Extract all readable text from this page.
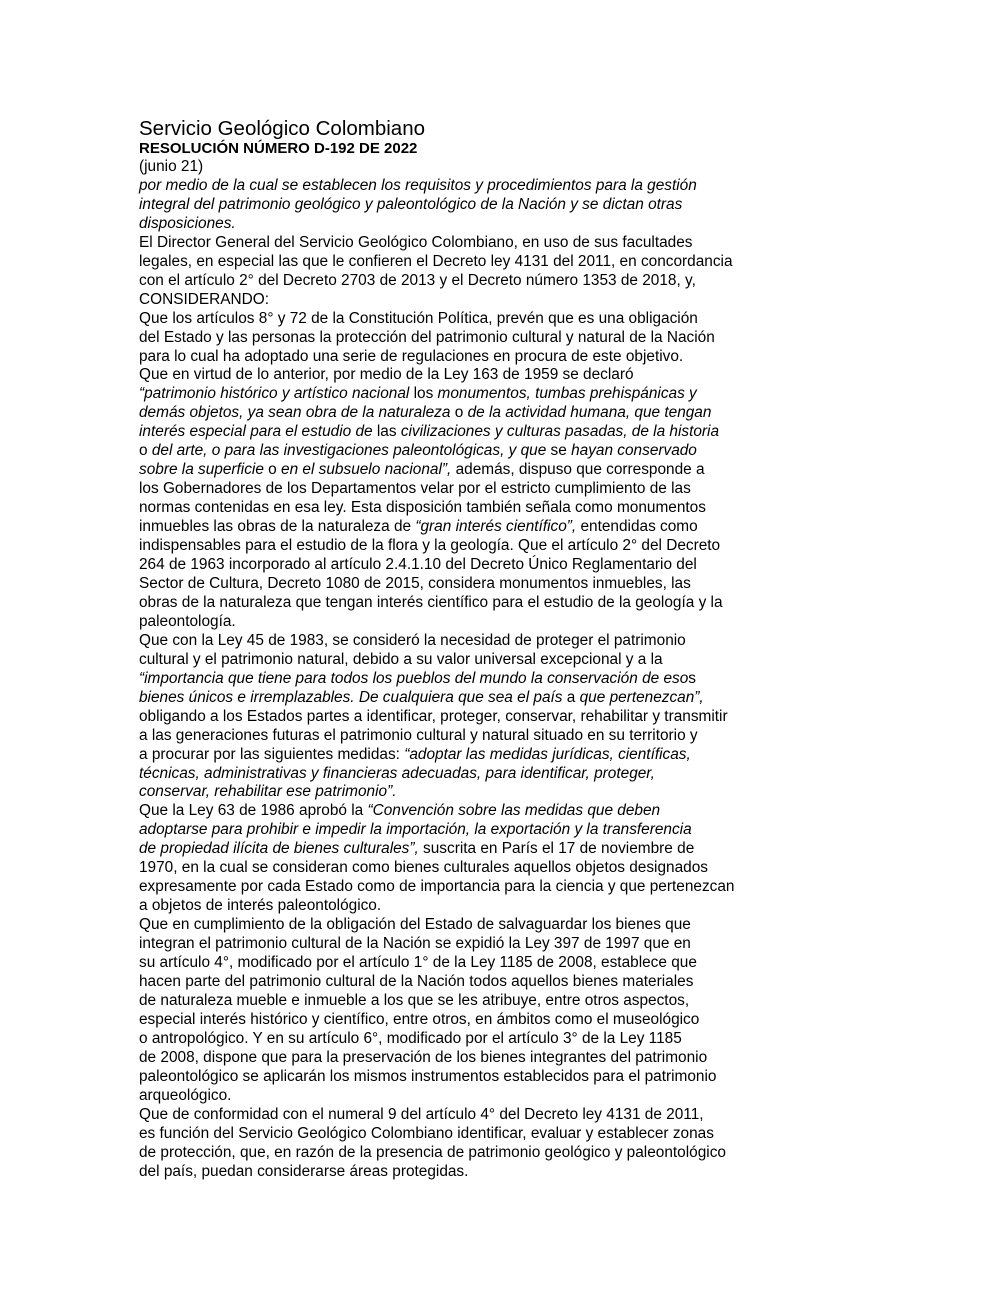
Servicio Geológico Colombiano
RESOLUCIÓN NÚMERO D-192 DE 2022
(junio 21)
por medio de la cual se establecen los requisitos y procedimientos para la gestión
integral del patrimonio geológico y paleontológico de la Nación y se dictan otras
disposiciones.
El Director General del Servicio Geológico Colombiano, en uso de sus facultades
legales, en especial las que le confieren el Decreto ley 4131 del 2011, en concordancia
con el artículo 2° del Decreto 2703 de 2013 y el Decreto número 1353 de 2018, y,
CONSIDERANDO:
Que los artículos 8° y 72 de la Constitución Política, prevén que es una obligación
del Estado y las personas la protección del patrimonio cultural y natural de la Nación
para lo cual ha adoptado una serie de regulaciones en procura de este objetivo.
Que en virtud de lo anterior, por medio de la Ley 163 de 1959 se declaró
“patrimonio histórico y artístico nacional los monumentos, tumbas prehispánicas y
demás objetos, ya sean obra de la naturaleza o de la actividad humana, que tengan
interés especial para el estudio de las civilizaciones y culturas pasadas, de la historia
o del arte, o para las investigaciones paleontológicas, y que se hayan conservado
sobre la superficie o en el subsuelo nacional”, además, dispuso que corresponde a
los Gobernadores de los Departamentos velar por el estricto cumplimiento de las
normas contenidas en esa ley. Esta disposición también señala como monumentos
inmuebles las obras de la naturaleza de “gran interés científico”, entendidas como
indispensables para el estudio de la flora y la geología. Que el artículo 2° del Decreto
264 de 1963 incorporado al artículo 2.4.1.10 del Decreto Único Reglamentario del
Sector de Cultura, Decreto 1080 de 2015, considera monumentos inmuebles, las
obras de la naturaleza que tengan interés científico para el estudio de la geología y la
paleontología.
Que con la Ley 45 de 1983, se consideró la necesidad de proteger el patrimonio
cultural y el patrimonio natural, debido a su valor universal excepcional y a la
“importancia que tiene para todos los pueblos del mundo la conservación de esos
bienes únicos e irremplazables. De cualquiera que sea el país a que pertenezcan”,
obligando a los Estados partes a identificar, proteger, conservar, rehabilitar y transmitir
a las generaciones futuras el patrimonio cultural y natural situado en su territorio y
a procurar por las siguientes medidas: “adoptar las medidas jurídicas, científicas,
técnicas, administrativas y financieras adecuadas, para identificar, proteger,
conservar, rehabilitar ese patrimonio”.
Que la Ley 63 de 1986 aprobó la “Convención sobre las medidas que deben
adoptarse para prohibir e impedir la importación, la exportación y la transferencia
de propiedad ilícita de bienes culturales”, suscrita en París el 17 de noviembre de
1970, en la cual se consideran como bienes culturales aquellos objetos designados
expresamente por cada Estado como de importancia para la ciencia y que pertenezcan
a objetos de interés paleontológico.
Que en cumplimiento de la obligación del Estado de salvaguardar los bienes que
integran el patrimonio cultural de la Nación se expidió la Ley 397 de 1997 que en
su artículo 4°, modificado por el artículo 1° de la Ley 1185 de 2008, establece que
hacen parte del patrimonio cultural de la Nación todos aquellos bienes materiales
de naturaleza mueble e inmueble a los que se les atribuye, entre otros aspectos,
especial interés histórico y científico, entre otros, en ámbitos como el museológico
o antropológico. Y en su artículo 6°, modificado por el artículo 3° de la Ley 1185
de 2008, dispone que para la preservación de los bienes integrantes del patrimonio
paleontológico se aplicarán los mismos instrumentos establecidos para el patrimonio
arqueológico.
Que de conformidad con el numeral 9 del artículo 4° del Decreto ley 4131 de 2011,
es función del Servicio Geológico Colombiano identificar, evaluar y establecer zonas
de protección, que, en razón de la presencia de patrimonio geológico y paleontológico
del país, puedan considerarse áreas protegidas.
